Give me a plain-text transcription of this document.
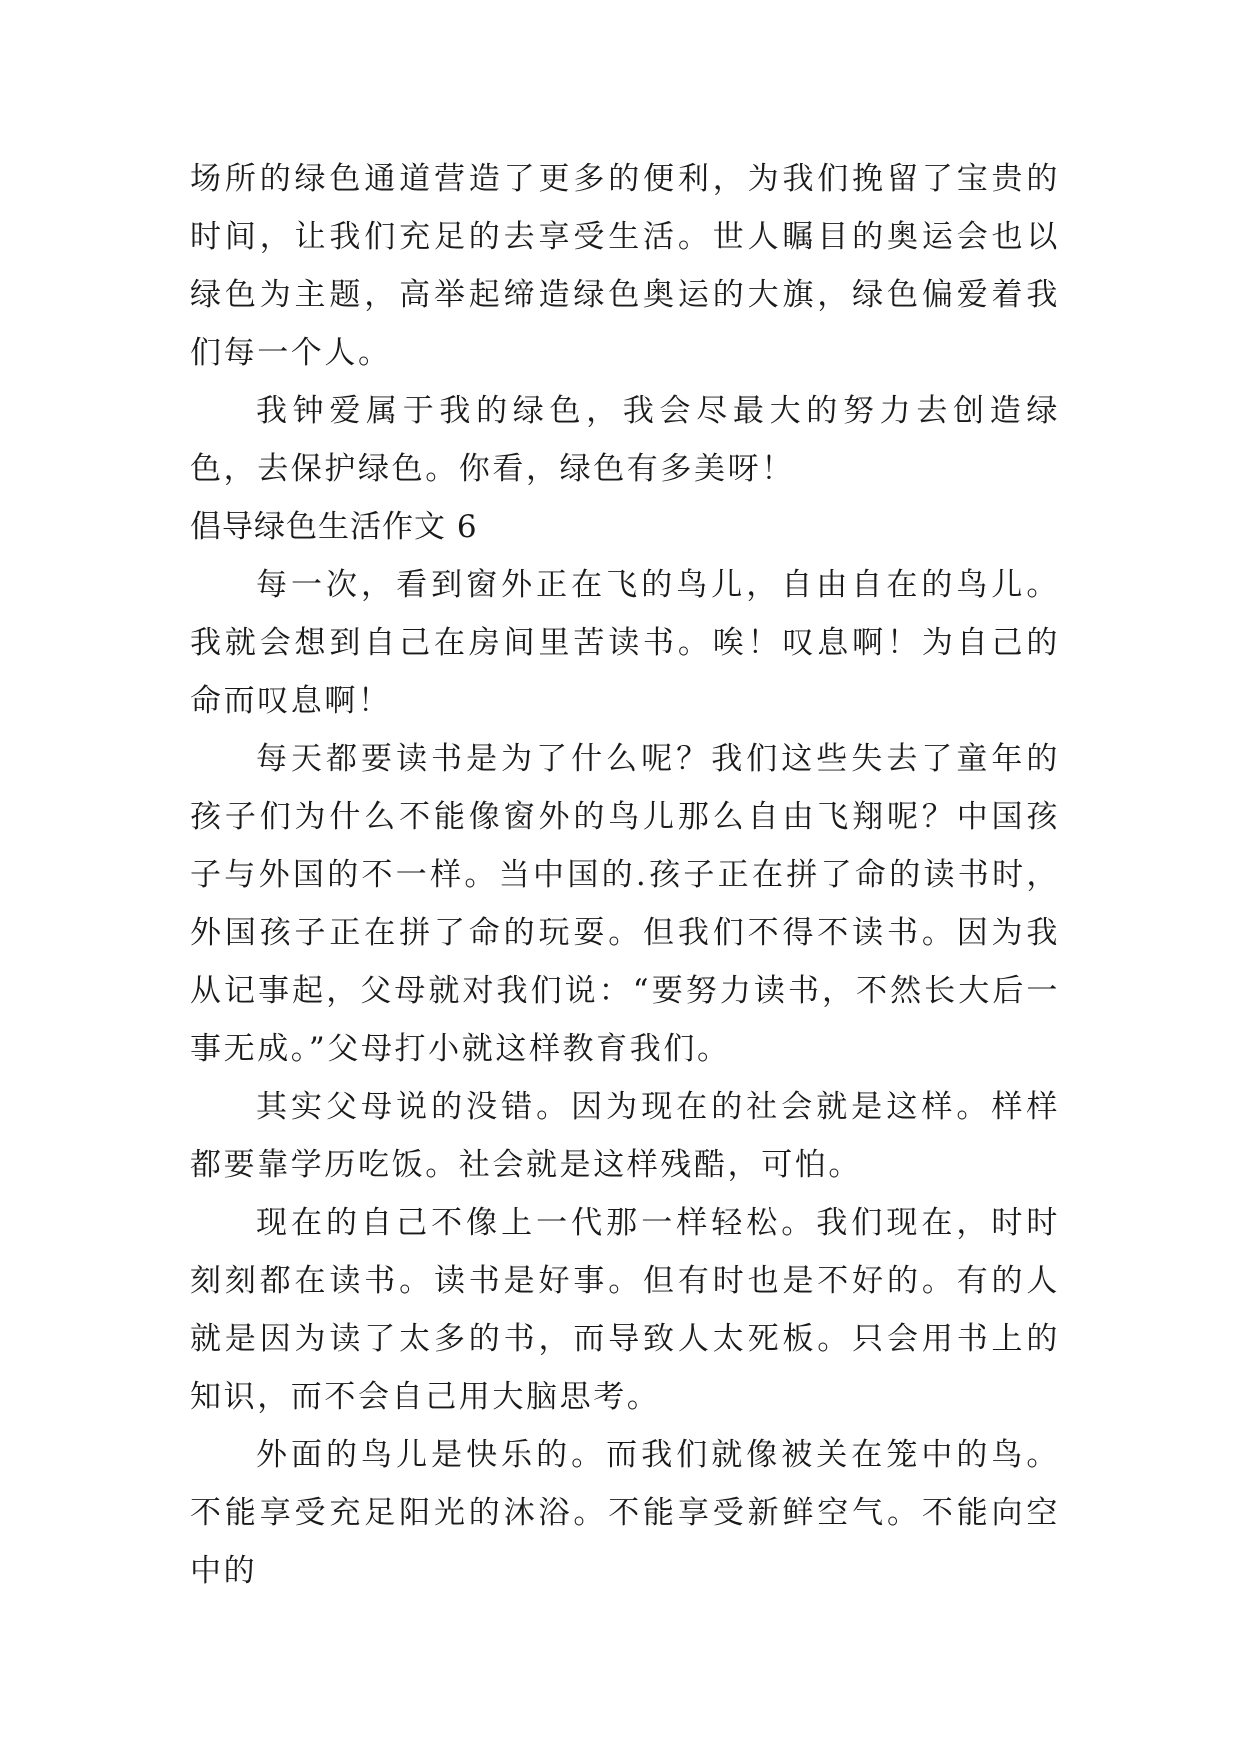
场所的绿色通道营造了更多的便利，为我们挽留了宝贵的时间，让我们充足的去享受生活。世人瞩目的奥运会也以绿色为主题，高举起缔造绿色奥运的大旗，绿色偏爱着我们每一个人。

我钟爱属于我的绿色，我会尽最大的努力去创造绿色，去保护绿色。你看，绿色有多美呀！

倡导绿色生活作文 6

每一次，看到窗外正在飞的鸟儿，自由自在的鸟儿。我就会想到自己在房间里苦读书。唉！叹息啊！为自己的命而叹息啊！

每天都要读书是为了什么呢？我们这些失去了童年的孩子们为什么不能像窗外的鸟儿那么自由飞翔呢？中国孩子与外国的不一样。当中国的.孩子正在拼了命的读书时，外国孩子正在拼了命的玩耍。但我们不得不读书。因为我从记事起，父母就对我们说：“要努力读书，不然长大后一事无成。”父母打小就这样教育我们。

其实父母说的没错。因为现在的社会就是这样。样样都要靠学历吃饭。社会就是这样残酷，可怕。

现在的自己不像上一代那一样轻松。我们现在，时时刻刻都在读书。读书是好事。但有时也是不好的。有的人就是因为读了太多的书，而导致人太死板。只会用书上的知识，而不会自己用大脑思考。

外面的鸟儿是快乐的。而我们就像被关在笼中的鸟。不能享受充足阳光的沐浴。不能享受新鲜空气。不能向空中的
